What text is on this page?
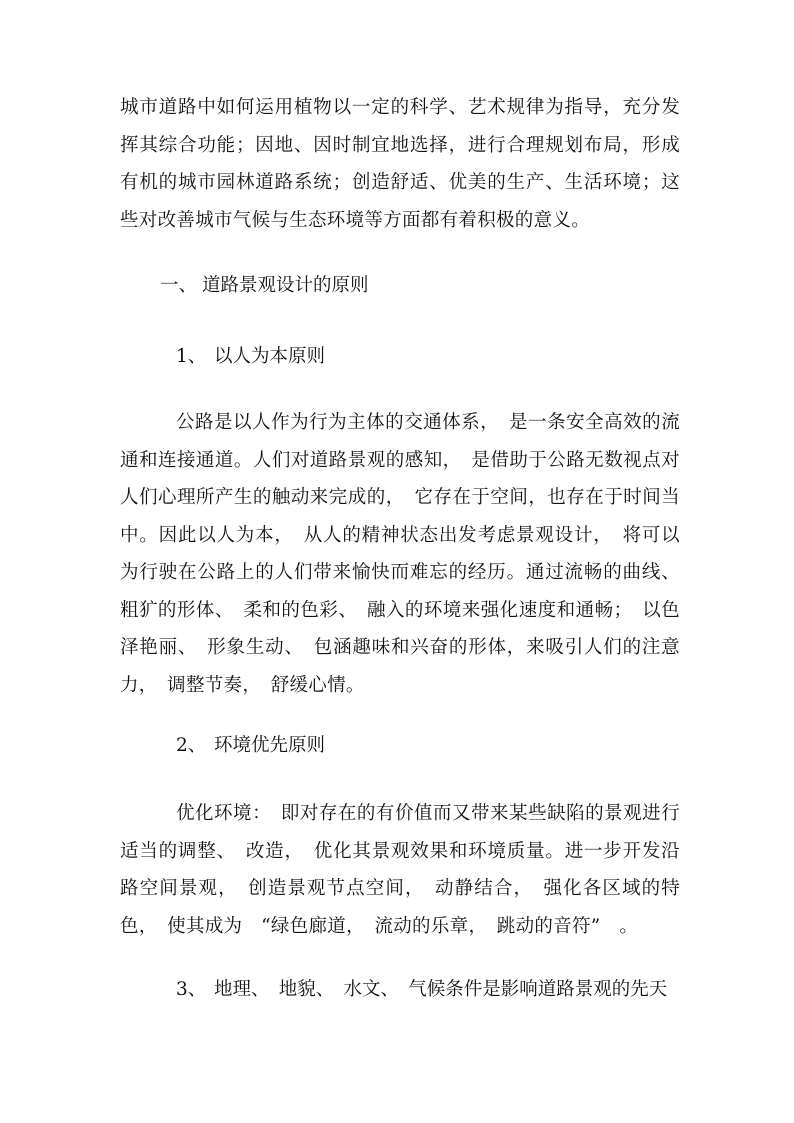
城市道路中如何运用植物以一定的科学、艺术规律为指导，充分发挥其综合功能；因地、因时制宜地选择，进行合理规划布局，形成有机的城市园林道路系统；创造舒适、优美的生产、生活环境；这些对改善城市气候与生态环境等方面都有着积极的意义。

一、 道路景观设计的原则

1、 以人为本原则

公路是以人作为行为主体的交通体系，　是一条安全高效的流通和连接通道。人们对道路景观的感知，　是借助于公路无数视点对人们心理所产生的触动来完成的，　它存在于空间，也存在于时间当中。因此以人为本，　从人的精神状态出发考虑景观设计，　将可以为行驶在公路上的人们带来愉快而难忘的经历。通过流畅的曲线、粗犷的形体、　柔和的色彩、　融入的环境来强化速度和通畅；　以色泽艳丽、　形象生动、　包涵趣味和兴奋的形体，来吸引人们的注意力，　调整节奏，　舒缓心情。

2、 环境优先原则

优化环境：　即对存在的有价值而又带来某些缺陷的景观进行适当的调整、　改造，　优化其景观效果和环境质量。进一步开发沿路空间景观，　创造景观节点空间，　动静结合，　强化各区域的特色，　使其成为　“绿色廊道，　流动的乐章，　跳动的音符”　。

3、 地理、　地貌、　水文、　气候条件是影响道路景观的先天
